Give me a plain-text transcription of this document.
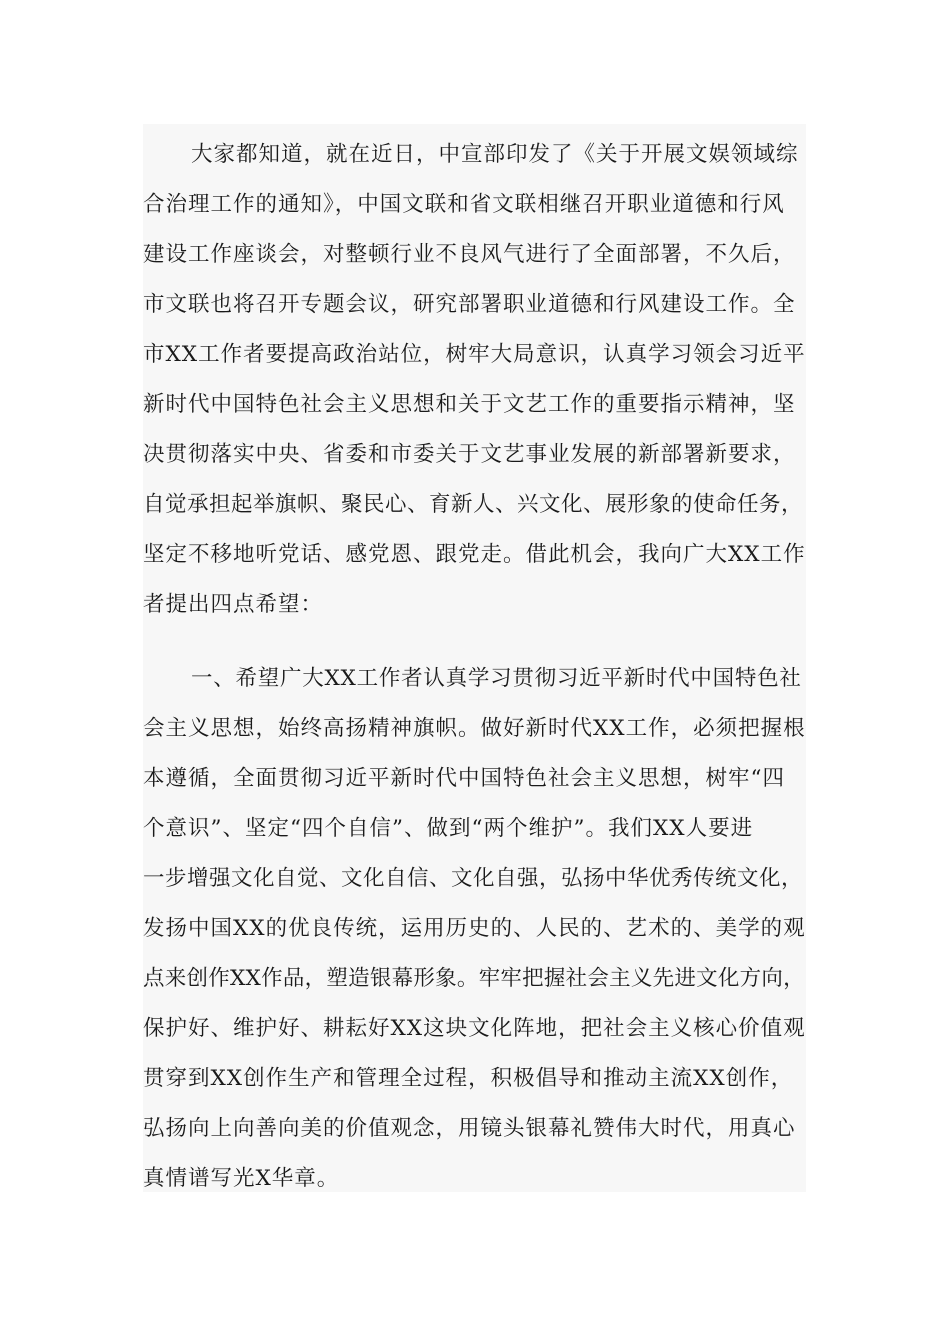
大家都知道，就在近日，中宣部印发了《关于开展文娱领域综
合治理工作的通知》，中国文联和省文联相继召开职业道德和行风
建设工作座谈会，对整顿行业不良风气进行了全面部署，不久后，
市文联也将召开专题会议，研究部署职业道德和行风建设工作。全
市XX工作者要提高政治站位，树牢大局意识，认真学习领会习近平
新时代中国特色社会主义思想和关于文艺工作的重要指示精神，坚
决贯彻落实中央、省委和市委关于文艺事业发展的新部署新要求，
自觉承担起举旗帜、聚民心、育新人、兴文化、展形象的使命任务，
坚定不移地听党话、感党恩、跟党走。借此机会，我向广大XX工作
者提出四点希望：
一、希望广大XX工作者认真学习贯彻习近平新时代中国特色社
会主义思想，始终高扬精神旗帜。做好新时代XX工作，必须把握根
本遵循，全面贯彻习近平新时代中国特色社会主义思想，树牢“四
个意识”、坚定“四个自信”、做到“两个维护”。我们XX人要进
一步增强文化自觉、文化自信、文化自强，弘扬中华优秀传统文化，
发扬中国XX的优良传统，运用历史的、人民的、艺术的、美学的观
点来创作XX作品，塑造银幕形象。牢牢把握社会主义先进文化方向，
保护好、维护好、耕耘好XX这块文化阵地，把社会主义核心价值观
贯穿到XX创作生产和管理全过程，积极倡导和推动主流XX创作，
弘扬向上向善向美的价值观念，用镜头银幕礼赞伟大时代，用真心
真情谱写光X华章。
